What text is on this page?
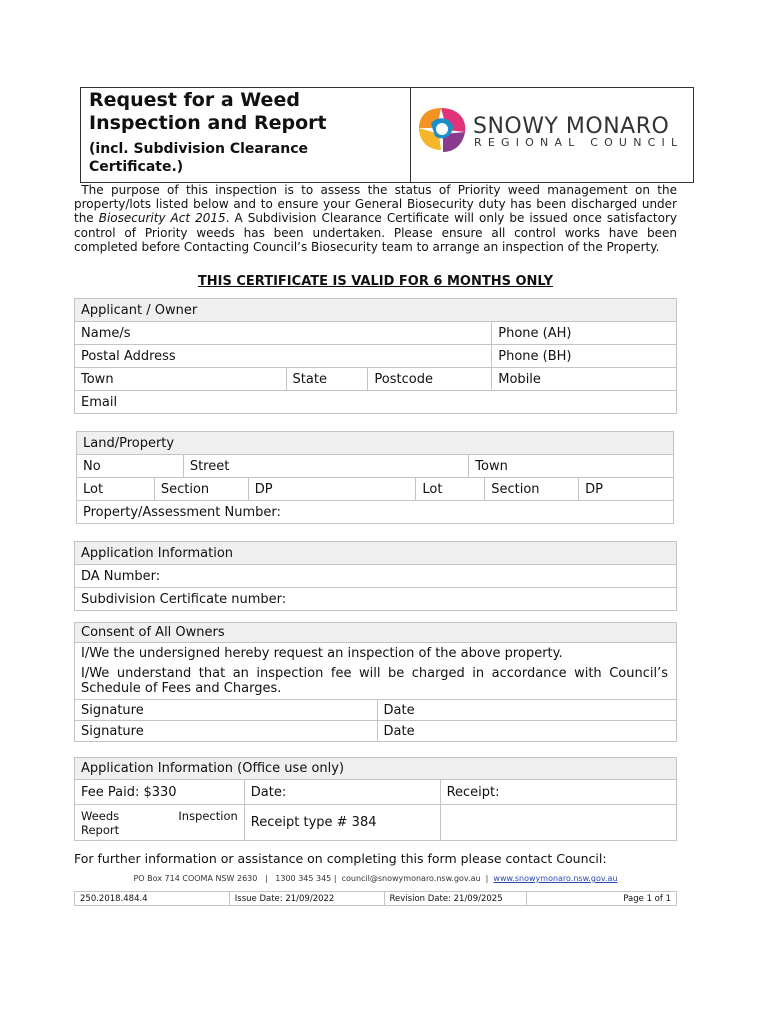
Request for a Weed
Inspection and Report
(incl. Subdivision Clearance
Certificate.)
SNOWY MONARO
REGIONAL COUNCIL
The purpose of this inspection is to assess the status of Priority weed management on the property/lots listed below and to ensure your General Biosecurity duty has been discharged under the Biosecurity Act 2015. A Subdivision Clearance Certificate will only be issued once satisfactory control of Priority weeds has been undertaken. Please ensure all control works have been completed before Contacting Council’s Biosecurity team to arrange an inspection of the Property.
THIS CERTIFICATE IS VALID FOR 6 MONTHS ONLY
Applicant / Owner			
Name/s			Phone (AH)
Postal Address			Phone (BH)
Town	State	Postcode	Mobile
Email			
Land/Property							
No		Street			Town		
Lot	Section		DP	Lot		Section	DP
Property/Assessment Number:							
Application Information
DA Number:
Subdivision Certificate number:
Consent of All Owners	
I/We the undersigned hereby request an inspection of the above property.	
I/We understand that an inspection fee will be charged in accordance with Council’s Schedule of Fees and Charges.	
Signature	Date
Signature	Date
Application Information (Office use only)		
Fee Paid: $330	Date:	Receipt:

Weeds Inspection
Report	Receipt type # 384	
For further information or assistance on completing this form please contact Council:
PO Box 714 COOMA NSW 2630   |   1300 345 345 |  council@snowymonaro.nsw.gov.au  |  www.snowymonaro.nsw.gov.au
250.2018.484.4	Issue Date: 21/09/2022	Revision Date: 21/09/2025	Page 1 of 1
